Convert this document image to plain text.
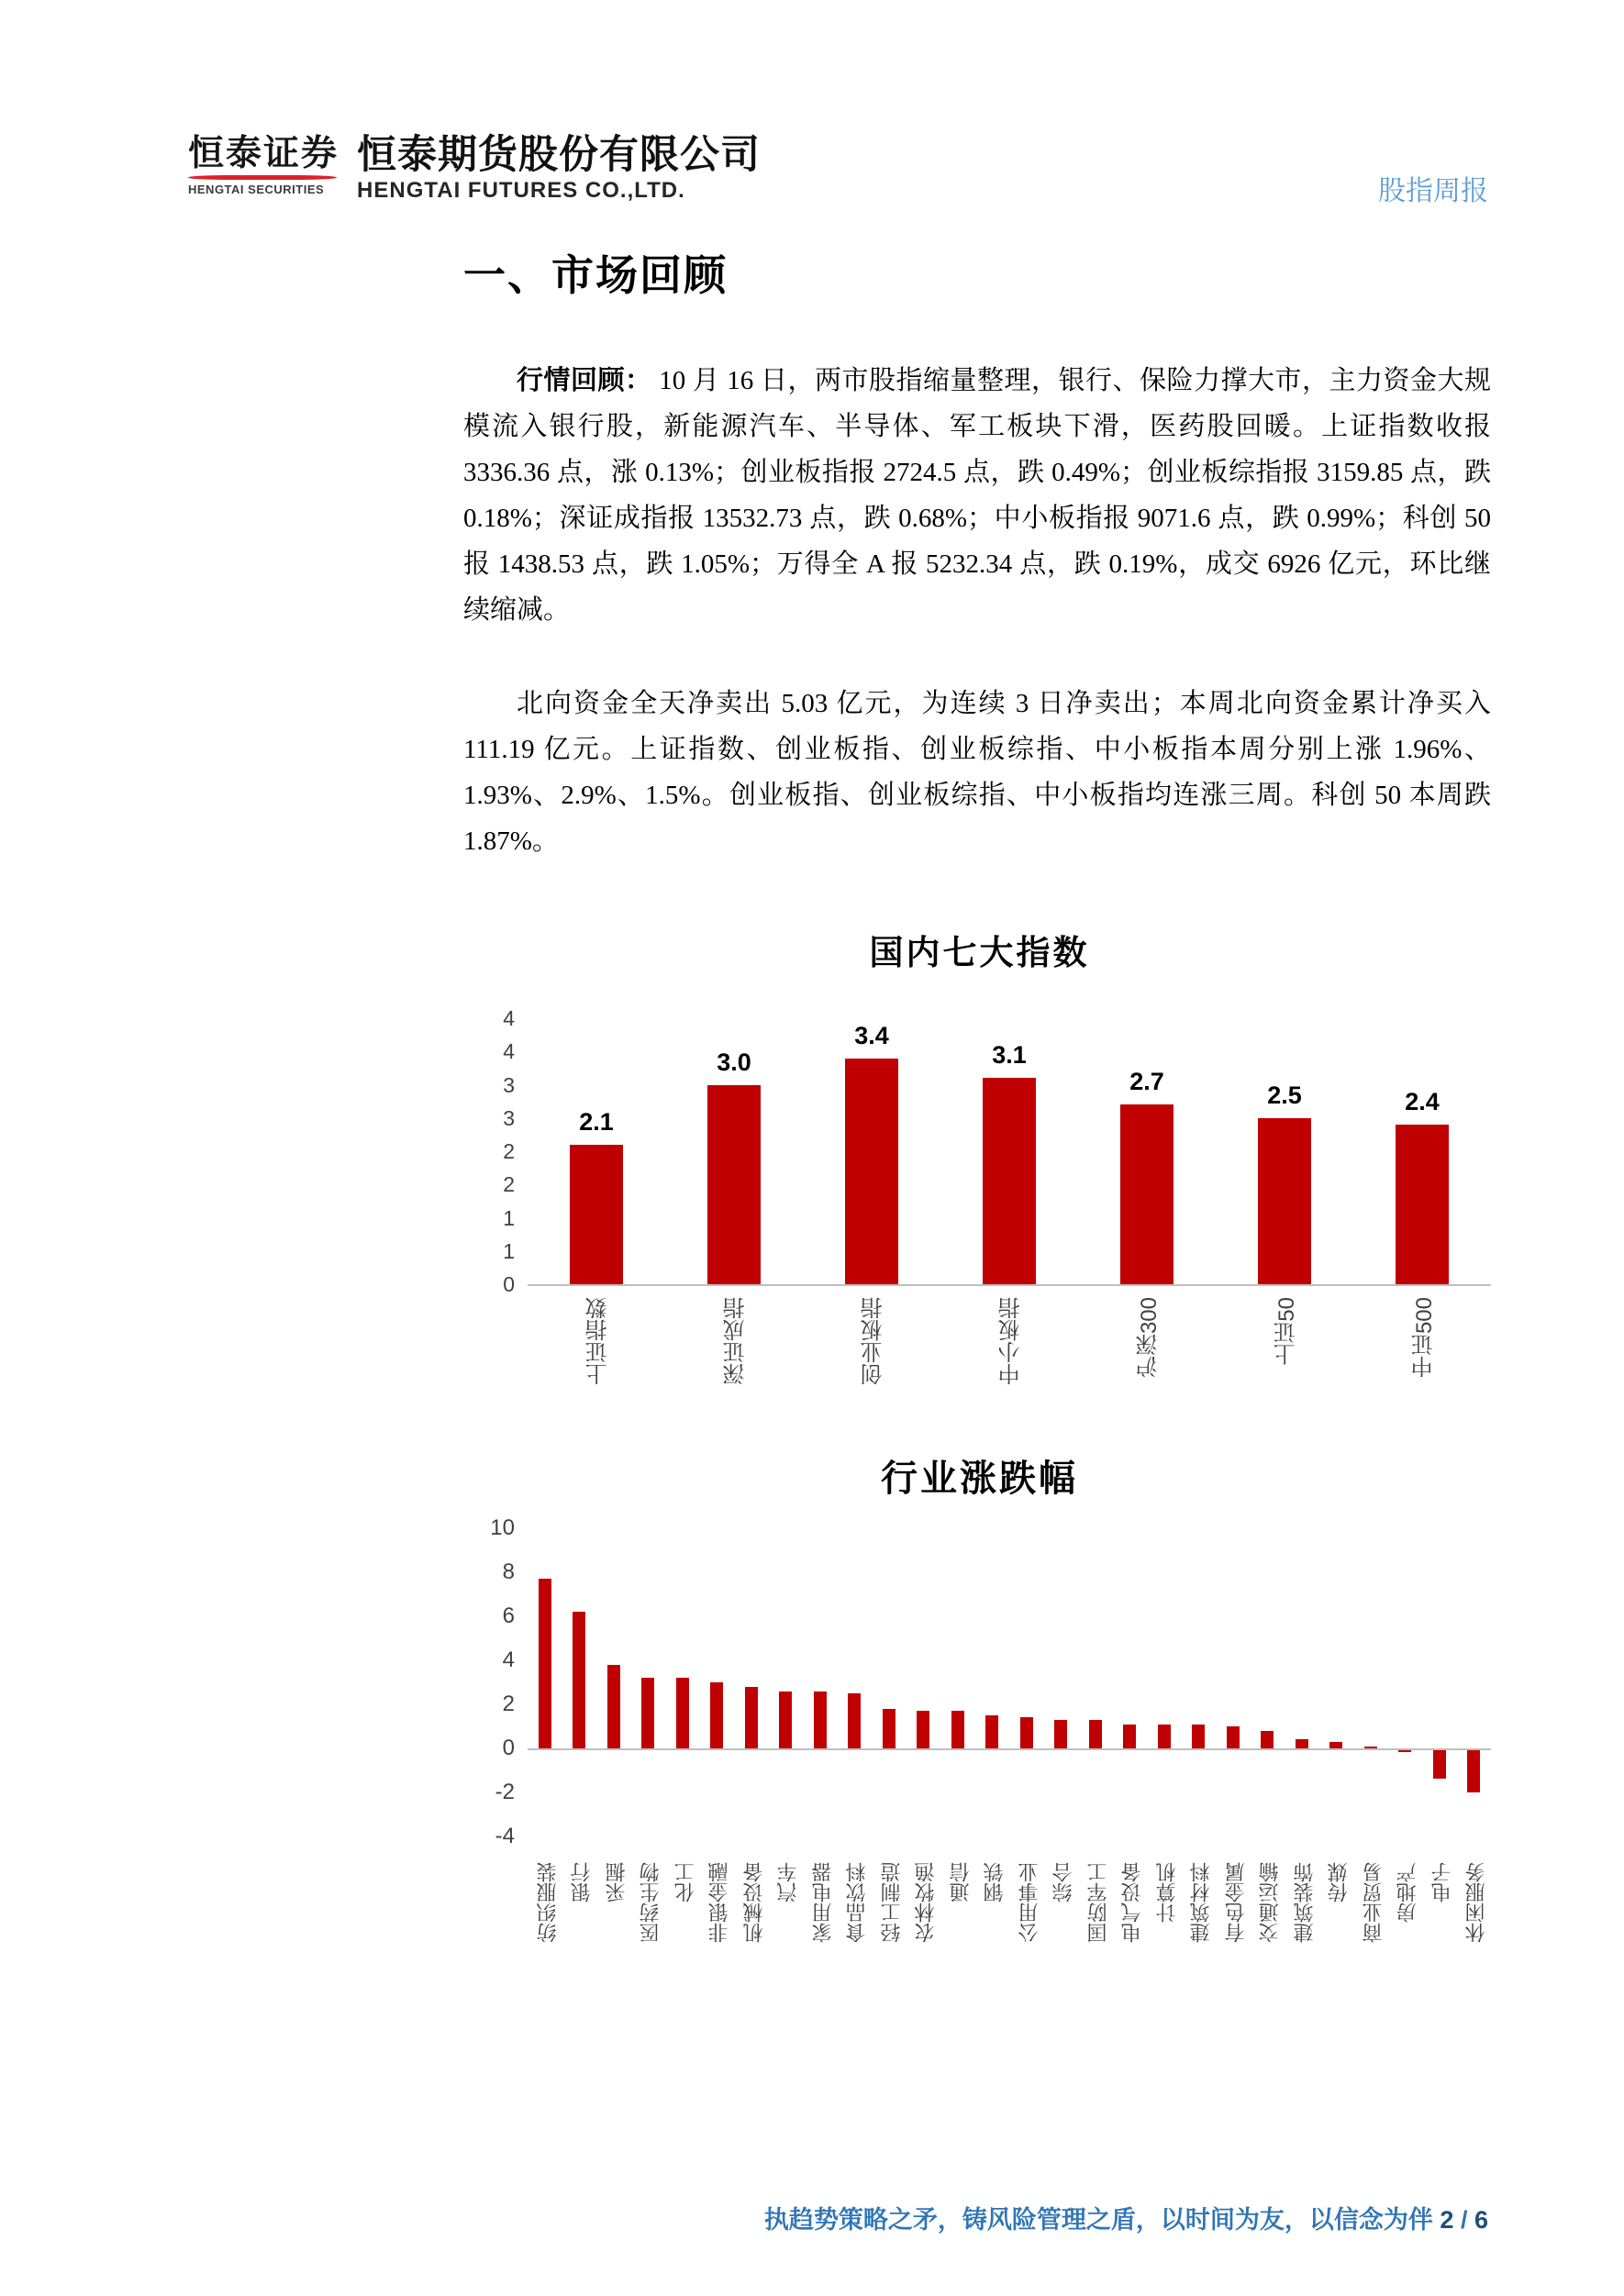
恒泰证券
HENGTAI SECURITIES
恒泰期货股份有限公司
HENGTAI FUTURES CO.,LTD.	股指周报
一、市场回顾

行情回顾： 10 月 16 日，两市股指缩量整理，银行、保险力撑大市，主力资金大规模流入银行股，新能源汽车、半导体、军工板块下滑，医药股回暖。上证指数收报 3336.36 点，涨 0.13%；创业板指报 2724.5 点，跌 0.49%；创业板综指报 3159.85 点，跌 0.18%；深证成指报 13532.73 点，跌 0.68%；中小板指报 9071.6 点，跌 0.99%；科创 50 报 1438.53 点，跌 1.05%；万得全 A 报 5232.34 点，跌 0.19%，成交 6926 亿元，环比继续缩减。

北向资金全天净卖出 5.03 亿元，为连续 3 日净卖出；本周北向资金累计净买入 111.19 亿元。上证指数、创业板指、创业板综指、中小板指本周分别上涨 1.96%、1.93%、2.9%、1.5%。创业板指、创业板综指、中小板指均连涨三周。科创 50 本周跌 1.87%。

国内七大指数
4
4
3
3
2
2
1
1
0
2.1
上证指数
3.0
深证成指
3.4
创业板指
3.1
中小板指
2.7
沪深300
2.5
上证50
2.4
中证500
行业涨跌幅
10
8
6
4
2
0
-2
-4
纺织服装 银行 采掘 医药生物 化工 非银金融 机械设备 汽车 家用电器 食品饮料 轻工制造 农林牧渔 通信 钢铁 公用事业 综合 国防军工 电气设备 计算机 建筑材料 有色金属 交通运输 建筑装饰 传媒 商业贸易 房地产 电子 休闲服务
执趋势策略之矛，铸风险管理之盾，以时间为友，以信念为伴 2 / 6
